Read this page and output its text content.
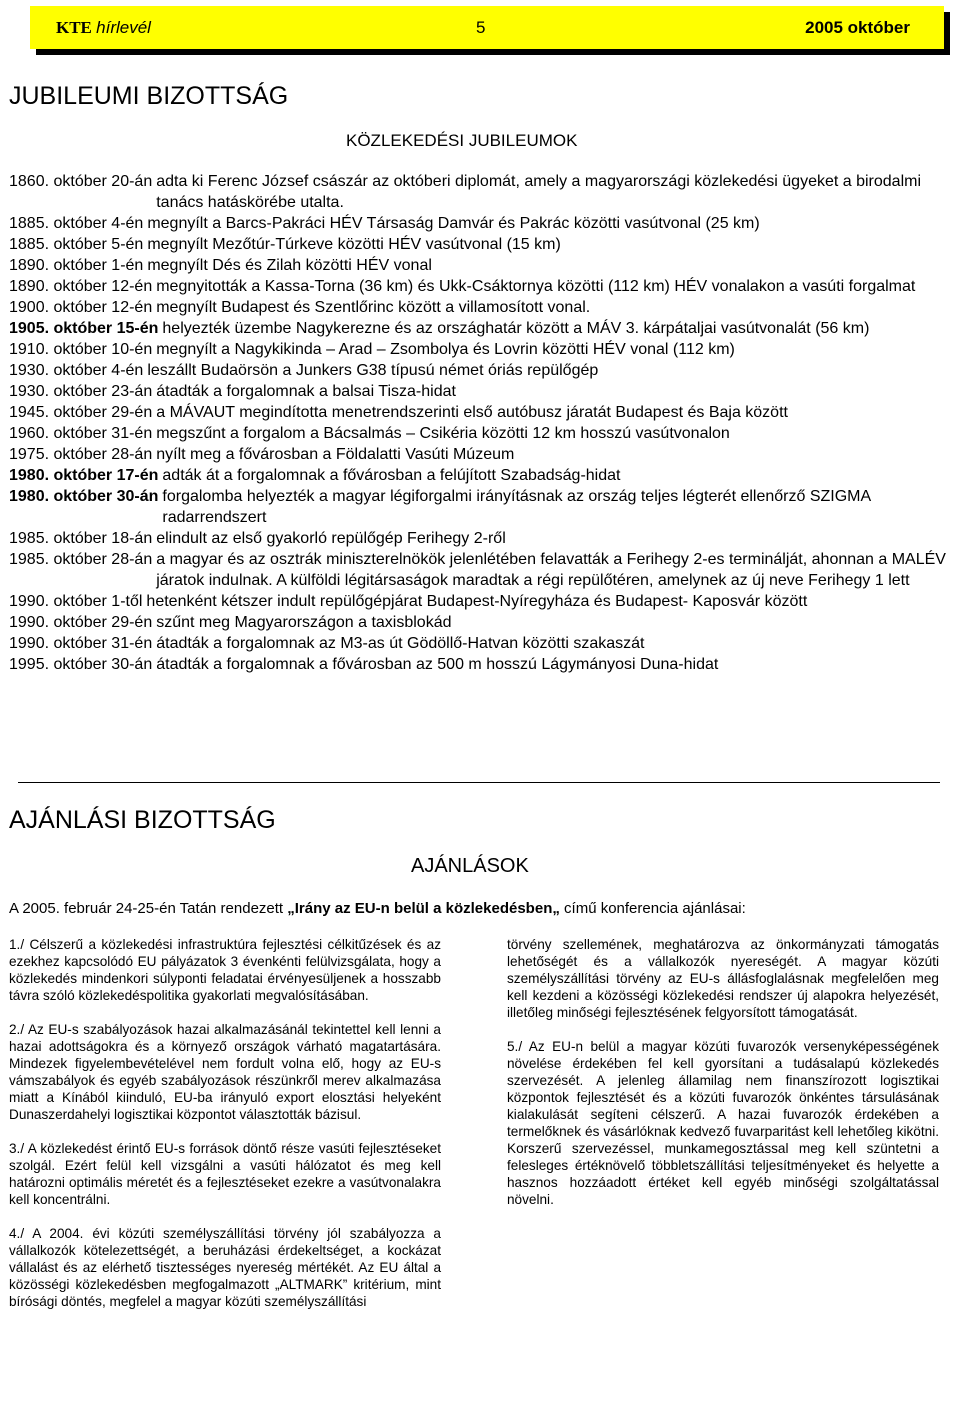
KTE hírlevél	5	2005 október
JUBILEUMI BIZOTTSÁG
KÖZLEKEDÉSI JUBILEUMOK
1860. október 20-án adta ki Ferenc József császár az októberi diplomát, amely a magyarországi közlekedési ügyeket a birodalmi tanács hatáskörébe utalta.
1885. október 4-én megnyílt a Barcs-Pakráci HÉV Társaság Damvár és Pakrác közötti vasútvonal (25 km)
1885. október 5-én megnyílt Mezőtúr-Túrkeve közötti HÉV vasútvonal (15 km)
1890. október 1-én megnyílt Dés és Zilah közötti HÉV vonal
1890. október 12-én megnyitották a Kassa-Torna (36 km) és Ukk-Csáktornya közötti (112 km) HÉV vonalakon a vasúti forgalmat
1900. október 12-én megnyílt Budapest és Szentlőrinc között a villamosított vonal.
1905. október 15-én helyezték üzembe Nagykerezne és az országhatár között a MÁV 3. kárpátaljai vasútvonalát (56 km)
1910. október 10-én megnyílt a Nagykikinda – Arad – Zsombolya és Lovrin közötti HÉV vonal (112 km)
1930. október 4-én leszállt Budaörsön a Junkers G38 típusú német óriás repülőgép
1930. október 23-án átadták a forgalomnak a balsai Tisza-hidat
1945. október 29-én a MÁVAUT megindította menetrendszerinti első autóbusz járatát Budapest és Baja között
1960. október 31-én megszűnt a forgalom a Bácsalmás – Csikéria közötti 12 km hosszú vasútvonalon
1975. október 28-án nyílt meg a fővárosban a Földalatti Vasúti Múzeum
1980. október 17-én adták át a forgalomnak a fővárosban a felújított Szabadság-hidat
1980. október 30-án forgalomba helyezték a magyar légiforgalmi irányításnak az ország teljes légterét ellenőrző SZIGMA radarrendszert
1985. október 18-án elindult az első gyakorló repülőgép Ferihegy 2-ről
1985. október 28-án a magyar és az osztrák miniszterelnökök jelenlétében felavatták a Ferihegy 2-es terminálját, ahonnan a MALÉV járatok indulnak. A külföldi légitársaságok maradtak a régi repülőtéren, amelynek az új neve Ferihegy 1 lett
1990. október 1-től hetenként kétszer indult repülőgépjárat Budapest-Nyíregyháza és Budapest- Kaposvár között
1990. október 29-én szűnt meg Magyarországon a taxisblokád
1990. október 31-én átadták a forgalomnak az M3-as út Gödöllő-Hatvan közötti szakaszát
1995. október 30-án átadták a forgalomnak a fővárosban az 500 m hosszú Lágymányosi Duna-hidat
AJÁNLÁSI BIZOTTSÁG
AJÁNLÁSOK
A 2005. február 24-25-én Tatán rendezett „Irány az EU-n belül a közlekedésben„ című konferencia ajánlásai:

1./ Célszerű a közlekedési infrastruktúra fejlesztési célkitűzések és az ezekhez kapcsolódó EU pályázatok 3 évenkénti felülvizsgálata, hogy a közlekedés mindenkori súlyponti feladatai érvényesüljenek a hosszabb távra szóló közlekedéspolitika gyakorlati megvalósításában.

2./ Az EU-s szabályozások hazai alkalmazásánál tekintettel kell lenni a hazai adottságokra és a környező országok várható magatartására. Mindezek figyelembevételével nem fordult volna elő, hogy az EU-s vámszabályok és egyéb szabályozások részünkről merev alkalmazása miatt a Kínából kiinduló, EU-ba irányuló export elosztási helyeként Dunaszerdahelyi logisztikai központot választották bázisul.

3./ A közlekedést érintő EU-s források döntő része vasúti fejlesztéseket szolgál. Ezért felül kell vizsgálni a vasúti hálózatot és meg kell határozni optimális méretét és a fejlesztéseket ezekre a vasútvonalakra kell koncentrálni.

4./ A 2004. évi közúti személyszállítási törvény jól szabályozza a vállalkozók kötelezettségét, a beruházási érdekeltséget, a kockázat vállalást és az elérhető tisztességes nyereség mértékét. Az EU által a közösségi közlekedésben megfogalmazott „ALTMARK” kritérium, mint bírósági döntés, megfelel a magyar közúti személyszállítási

törvény szellemének, meghatározva az önkormányzati támogatás lehetőségét és a vállalkozók nyereségét. A magyar közúti személyszállítási törvény az EU-s állásfoglalásnak megfelelően meg kell kezdeni a közösségi közlekedési rendszer új alapokra helyezését, illetőleg minőségi fejlesztésének felgyorsított támogatását.

5./ Az EU-n belül a magyar közúti fuvarozók versenyképességének növelése érdekében fel kell gyorsítani a tudásalapú közlekedés szervezését. A jelenleg államilag nem finanszírozott logisztikai központok fejlesztését és a közúti fuvarozók önkéntes társulásának kialakulását segíteni célszerű. A hazai fuvarozók érdekében a termelőknek és vásárlóknak kedvező fuvarparitást kell lehetőleg kikötni. Korszerű szervezéssel, munkamegosztással meg kell szüntetni a felesleges értéknövelő többletszállítási teljesítményeket és helyette a hasznos hozzáadott értéket kell egyéb minőségi szolgáltatással növelni.
